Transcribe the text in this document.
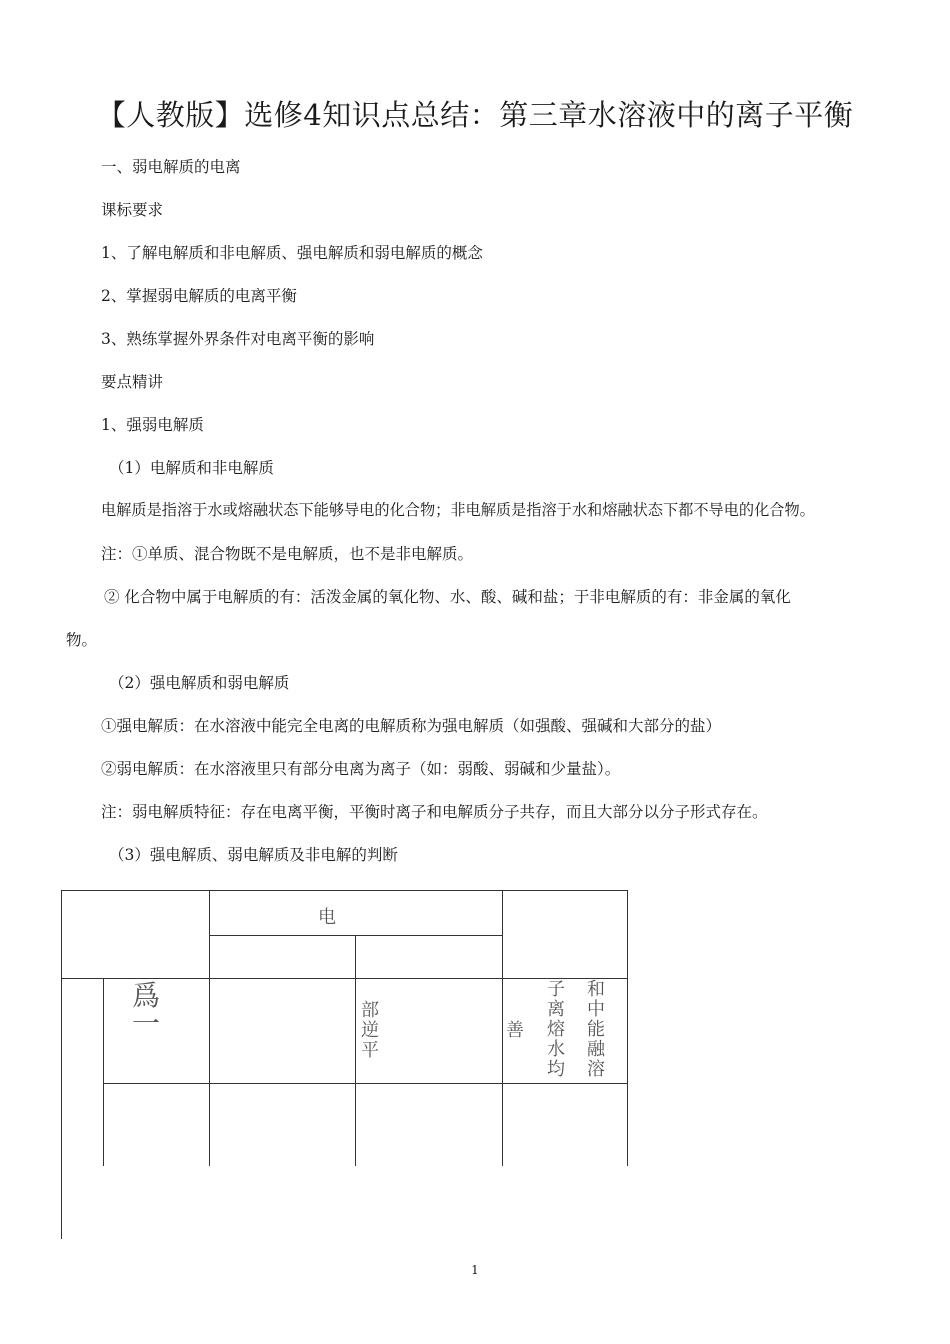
【人教版】选修4知识点总结：第三章水溶液中的离子平衡
一、弱电解质的电离
课标要求
1、了解电解质和非电解质、强电解质和弱电解质的概念
2、掌握弱电解质的电离平衡
3、熟练掌握外界条件对电离平衡的影响
要点精讲
1、强弱电解质
（1）电解质和非电解质
电解质是指溶于水或熔融状态下能够导电的化合物；非电解质是指溶于水和熔融状态下都不导电的化合物。
注：①单质、混合物既不是电解质，也不是非电解质。
② 化合物中属于电解质的有：活泼金属的氧化物、水、酸、碱和盐；于非电解质的有：非金属的氧化
物。
（2）强电解质和弱电解质
①强电解质：在水溶液中能完全电离的电解质称为强电解质（如强酸、强碱和大部分的盐）
②弱电解质：在水溶液里只有部分电离为离子（如：弱酸、弱碱和少量盐）。
注：弱电解质特征：存在电离平衡，平衡时离子和电解质分子共存，而且大部分以分子形式存在。
（3）强电解质、弱电解质及非电解的判断
电
爲一	部逆平
善
子离熔水均
和中能融溶
1
